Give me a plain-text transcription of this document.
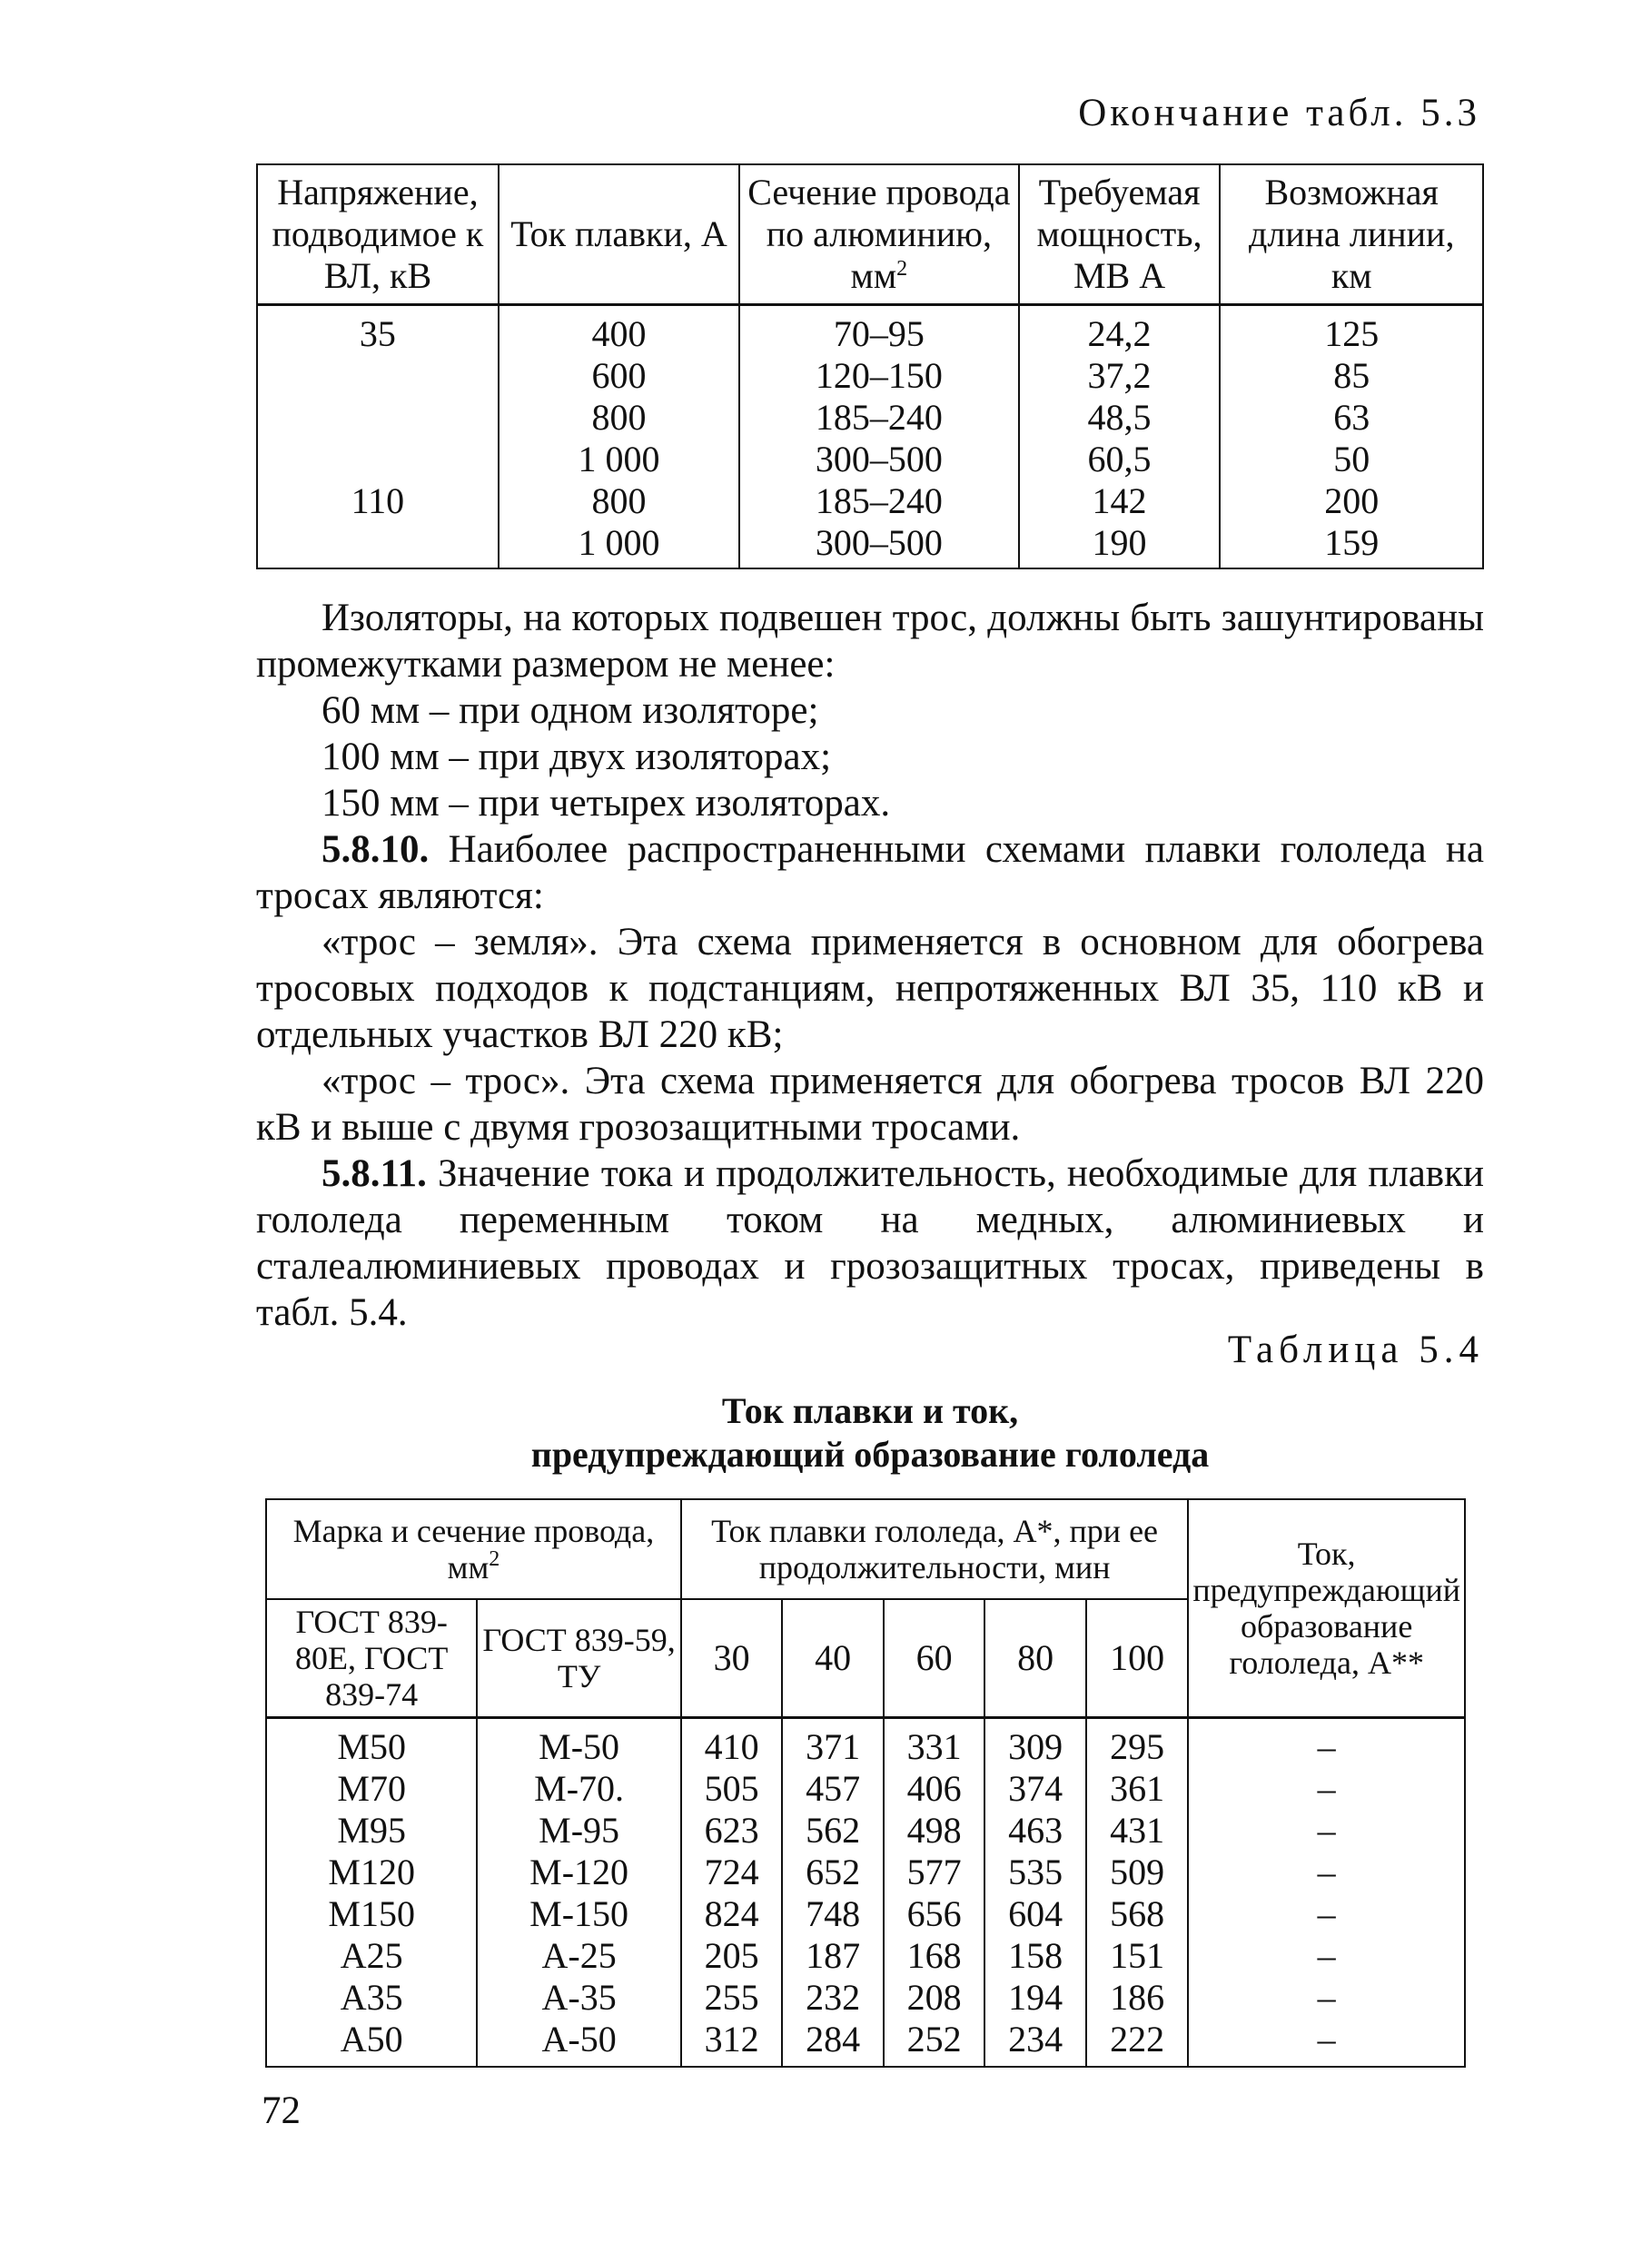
Окончание табл. 5.3
Напряжение, подводимое к ВЛ, кВ	Ток плавки, А	Сечение провода по алюминию, $мм^2$	Требуемая мощность, МВ А	Возможная длина линии, км
35	400	70–95	24,2	125
	600	120–150	37,2	85
	800	185–240	48,5	63
	1 000	300–500	60,5	50
110	800	185–240	142	200
	1 000	300–500	190	159

Изоляторы, на которых подвешен трос, должны быть зашунтированы промежутками размером не менее:

60 мм – при одном изоляторе;

100 мм – при двух изоляторах;

150 мм – при четырех изоляторах.

5.8.10. Наиболее распространенными схемами плавки гололеда на тросах являются:

«трос – земля». Эта схема применяется в основном для обогрева тросовых подходов к подстанциям, непротяженных ВЛ 35, 110 кВ и отдельных участков ВЛ 220 кВ;

«трос – трос». Эта схема применяется для обогрева тросов ВЛ 220 кВ и выше с двумя грозозащитными тросами.

5.8.11. Значение тока и продолжительность, необходимые для плавки гололеда переменным током на медных, алюминиевых и сталеалюминиевых проводах и грозозащитных тросах, приведены в табл. 5.4.

Таблица 5.4
Ток плавки и ток,
предупреждающий образование гололеда
Марка и сечение провода, $мм^2$		Ток плавки гололеда, А*, при ее продолжительности, мин					Ток, предупреждающий образование гололеда, А**
ГОСТ 839-80Е, ГОСТ 839-74	ГОСТ 839-59, ТУ	30	40	60	80	100	
М50	М-50	410	371	331	309	295	–
М70	М-70.	505	457	406	374	361	–
М95	М-95	623	562	498	463	431	–
М120	М-120	724	652	577	535	509	–
М150	М-150	824	748	656	604	568	–
А25	А-25	205	187	168	158	151	–
А35	А-35	255	232	208	194	186	–
А50	А-50	312	284	252	234	222	–
72
